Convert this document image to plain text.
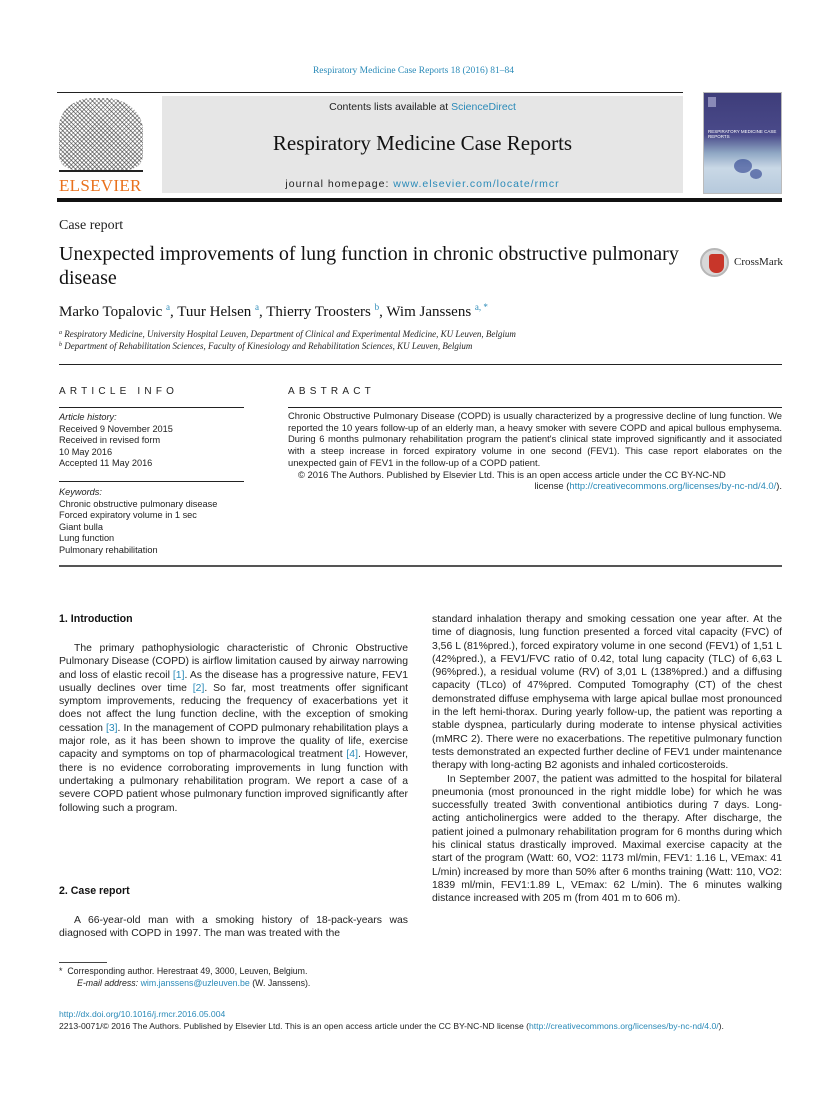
Respiratory Medicine Case Reports 18 (2016) 81–84
ELSEVIER
Contents lists available at ScienceDirect
Respiratory Medicine Case Reports
journal homepage: www.elsevier.com/locate/rmcr
RESPIRATORY MEDICINE CASE REPORTS
Case report
Unexpected improvements of lung function in chronic obstructive pulmonary disease
CrossMark
Marko Topalovic $^a$, Tuur Helsen $^a$, Thierry Troosters $^b$, Wim Janssens $^{a, *}$
$^a$ Respiratory Medicine, University Hospital Leuven, Department of Clinical and Experimental Medicine, KU Leuven, Belgium
$^b$ Department of Rehabilitation Sciences, Faculty of Kinesiology and Rehabilitation Sciences, KU Leuven, Belgium
ARTICLE INFO
Article history:
Received 9 November 2015
Received in revised form
10 May 2016
Accepted 11 May 2016
Keywords:
Chronic obstructive pulmonary disease
Forced expiratory volume in 1 sec
Giant bulla
Lung function
Pulmonary rehabilitation
ABSTRACT
Chronic Obstructive Pulmonary Disease (COPD) is usually characterized by a progressive decline of lung function. We reported the 10 years follow-up of an elderly man, a heavy smoker with severe COPD and apical bullous emphysema. During 6 months pulmonary rehabilitation program the patient's clinical state improved significantly and it associated with a steep increase in forced expiratory volume in one second (FEV1). This case report elaborates on the unexpected gain of FEV1 in the follow-up of a COPD patient.
© 2016 The Authors. Published by Elsevier Ltd. This is an open access article under the CC BY-NC-ND
license (http://creativecommons.org/licenses/by-nc-nd/4.0/).
1. Introduction

The primary pathophysiologic characteristic of Chronic Obstructive Pulmonary Disease (COPD) is airflow limitation caused by airway narrowing and loss of elastic recoil [1]. As the disease has a progressive nature, FEV1 usually declines over time [2]. So far, most treatments offer significant symptom improvements, reducing the frequency of exacerbations yet it does not affect the lung function decline, with the exception of smoking cessation [3]. In the management of COPD pulmonary rehabilitation plays a major role, as it has been shown to improve the quality of life, exercise capacity and symptoms on top of pharmacological treatment [4]. However, there is no evidence corroborating improvements in lung function with undertaking a pulmonary rehabilitation program. We report a case of a severe COPD patient whose pulmonary function improved significantly after following such a program.

2. Case report

A 66-year-old man with a smoking history of 18-pack-years was diagnosed with COPD in 1997. The man was treated with the

* Corresponding author. Herestraat 49, 3000, Leuven, Belgium.
E-mail address: wim.janssens@uzleuven.be (W. Janssens).

standard inhalation therapy and smoking cessation one year after. At the time of diagnosis, lung function presented a forced vital capacity (FVC) of 3,56 L (81%pred.), forced expiratory volume in one second (FEV1) of 1,51 L (42%pred.), a FEV1/FVC ratio of 0.42, total lung capacity (TLC) of 6,63 L (96%pred.), a residual volume (RV) of 3,01 L (138%pred.) and a diffusing capacity (TLco) of 47%pred. Computed Tomography (CT) of the chest demonstrated diffuse emphysema with large apical bullae most pronounced in the left hemi-thorax. During yearly follow-up, the patient was reporting a stable dyspnea, particularly during moderate to intense physical activities (mMRC 2). There were no exacerbations. The repetitive pulmonary function tests demonstrated an expected further decline of FEV1 under maintenance therapy with long-acting B2 agonists and inhaled corticosteroids.

In September 2007, the patient was admitted to the hospital for bilateral pneumonia (most pronounced in the right middle lobe) for which he was successfully treated 3with conventional antibiotics during 7 days. Long-acting anticholinergics were added to the therapy. After discharge, the patient joined a pulmonary rehabilitation program for 6 months during which his clinical status drastically improved. Maximal exercise capacity at the start of the program (Watt: 60, VO2: 1173 ml/min, FEV1: 1.16 L, VEmax: 41 L/min) increased by more than 50% after 6 months training (Watt: 110, VO2: 1839 ml/min, FEV1:1.89 L, VEmax: 62 L/min). The 6 minutes walking distance increased with 205 m (from 401 m to 606 m).

http://dx.doi.org/10.1016/j.rmcr.2016.05.004
2213-0071/© 2016 The Authors. Published by Elsevier Ltd. This is an open access article under the CC BY-NC-ND license (http://creativecommons.org/licenses/by-nc-nd/4.0/).
